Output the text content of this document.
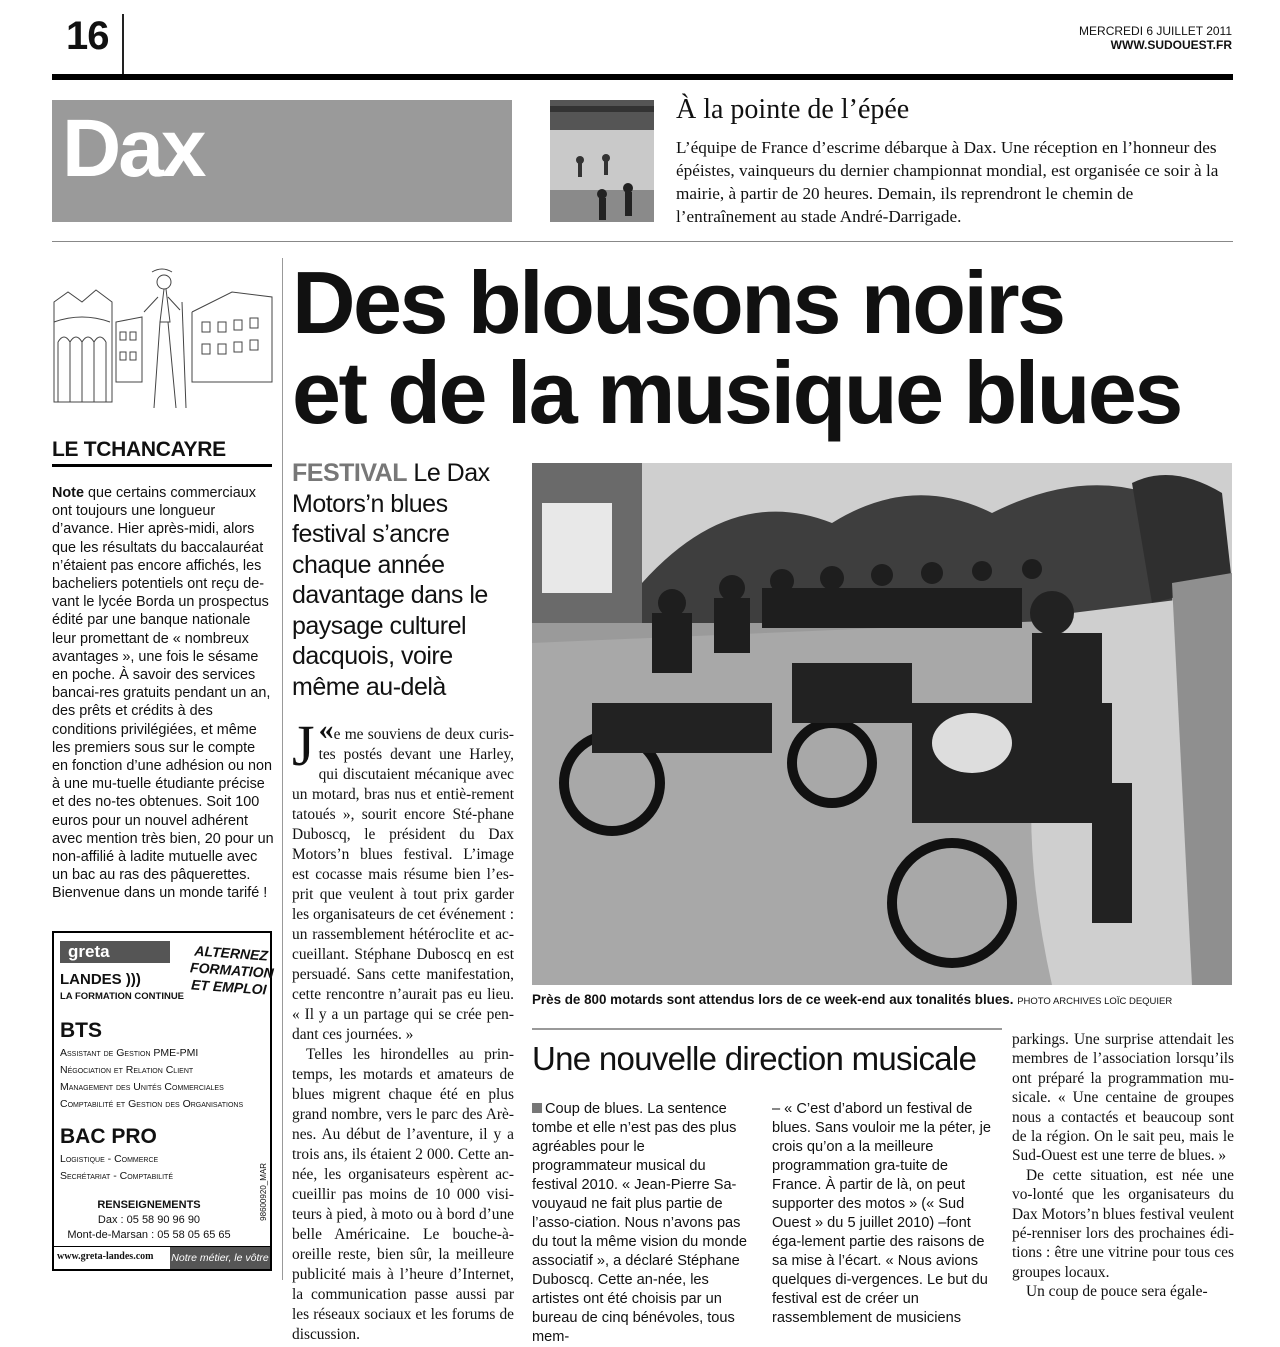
16	MERCREDI 6 JUILLET 2011
WWW.SUDOUEST.FR
Dax	À la pointe de l’épée
L’équipe de France d’escrime débarque à Dax. Une réception en l’honneur des épéistes, vainqueurs du dernier championnat mondial, est organisée ce soir à la mairie, à partir de 20 heures. Demain, ils reprendront le chemin de l’entraînement au stade André-Darrigade.
LE TCHANCAYRE
Note que certains commerciaux ont toujours une longueur d’avance. Hier après-midi, alors que les résultats du baccalauréat n’étaient pas encore affichés, les bacheliers potentiels ont reçu de-vant le lycée Borda un prospectus édité par une banque nationale leur promettant de « nombreux avantages », une fois le sésame en poche. À savoir des services bancai-res gratuits pendant un an, des prêts et crédits à des conditions privilégiées, et même les premiers sous sur le compte en fonction d’une adhésion ou non à une mu-tuelle étudiante précise et des no-tes obtenues. Soit 100 euros pour un nouvel adhérent avec mention très bien, 20 pour un non-affilié à ladite mutuelle avec un bac au ras des pâquerettes. Bienvenue dans un monde tarifé !
greta
LANDES )))
LA FORMATION CONTINUE
ALTERNEZ
FORMATION
ET EMPLOI
BTS
Assistant de Gestion PME-PMI
Négociation et Relation Client
Management des Unités Commerciales
Comptabilité et Gestion des Organisations
BAC PRO
Logistique - Commerce
Secrétariat - Comptabilité
RENSEIGNEMENTS
Dax : 05 58 90 96 90
Mont-de-Marsan : 05 58 05 65 65
98600920_MAR
www.greta-landes.com Notre métier, le vôtre
Des blousons noirs
et de la musique blues
FESTIVAL Le Dax Motors’n blues festival s’ancre chaque année davantage dans le paysage culturel dacquois, voire même au-delà

«
J e me souviens de deux curis-tes postés devant une Harley, qui discutaient mécanique avec un motard, bras nus et entiè-rement tatoués », sourit encore Sté-phane Duboscq, le président du Dax Motors’n blues festival. L’image est cocasse mais résume bien l’es-prit que veulent à tout prix garder les organisateurs de cet événement : un rassemblement hétéroclite et ac-cueillant. Stéphane Duboscq en est persuadé. Sans cette manifestation, cette rencontre n’aurait pas eu lieu. « Il y a un partage qui se crée pen-dant ces journées. »

Telles les hirondelles au prin-temps, les motards et amateurs de blues migrent chaque été en plus grand nombre, vers le parc des Arè-nes. Au début de l’aventure, il y a trois ans, ils étaient 2 000. Cette an-née, les organisateurs espèrent ac-cueillir pas moins de 10 000 visi-teurs à pied, à moto ou à bord d’une belle Américaine. Le bouche-à-oreille reste, bien sûr, la meilleure publicité mais à l’heure d’Internet, la communication passe aussi par les réseaux sociaux et les forums de discussion.

Près de 800 motards sont attendus lors de ce week-end aux tonalités blues. PHOTO ARCHIVES LOÏC DEQUIER
Une nouvelle direction musicale
Coup de blues. La sentence tombe et elle n’est pas des plus agréables pour le programmateur musical du festival 2010. « Jean-Pierre Sa-vouyaud ne fait plus partie de l’asso-ciation. Nous n’avons pas du tout la même vision du monde associatif », a déclaré Stéphane Duboscq. Cette an-née, les artistes ont été choisis par un bureau de cinq bénévoles, tous mem-
– « C’est d’abord un festival de blues. Sans vouloir me la péter, je crois qu’on a la meilleure programmation gra-tuite de France. À partir de là, on peut supporter des motos » (« Sud Ouest » du 5 juillet 2010) –font éga-lement partie des raisons de sa mise à l’écart. « Nous avions quelques di-vergences. Le but du festival est de créer un rassemblement de musiciens

parkings. Une surprise attendait les membres de l’association lorsqu’ils ont préparé la programmation mu-sicale. « Une centaine de groupes nous a contactés et beaucoup sont de la région. On le sait peu, mais le Sud-Ouest est une terre de blues. »

De cette situation, est née une vo-lonté que les organisateurs du Dax Motors’n blues festival veulent pé-renniser lors des prochaines édi-tions : être une vitrine pour tous ces groupes locaux.

Un coup de pouce sera égale-
